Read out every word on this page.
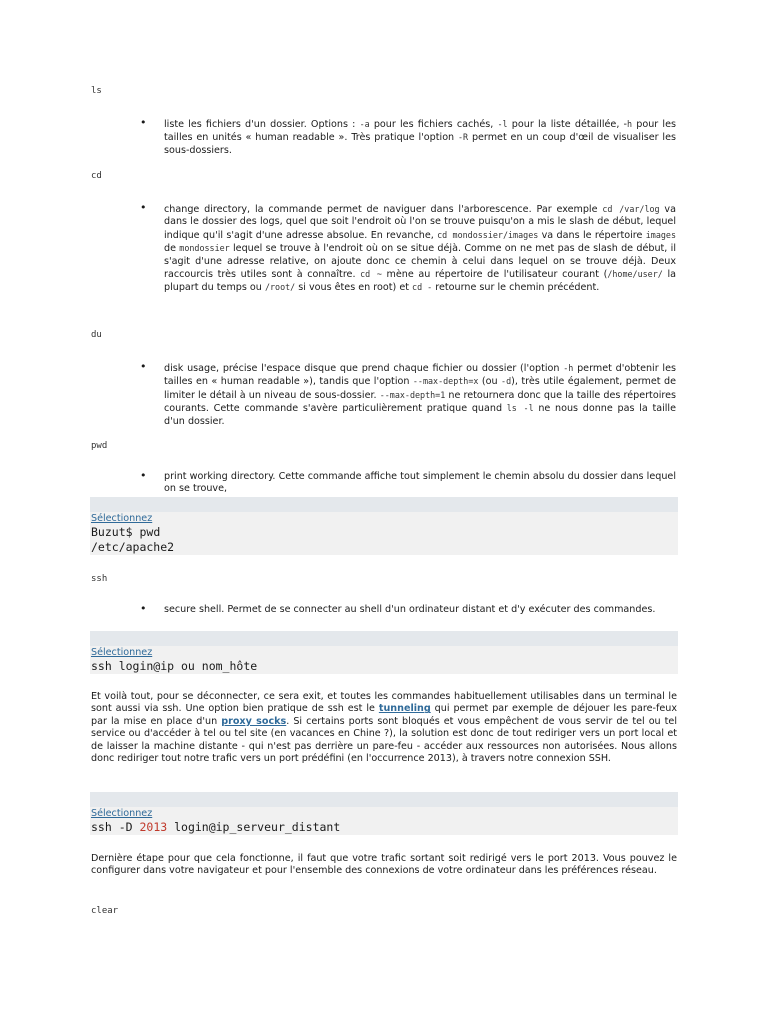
ls
•	liste les fichiers d'un dossier. Options : -a pour les fichiers cachés, -l pour la liste détaillée, -h pour les tailles en unités « human readable ». Très pratique l'option -R permet en un coup d'œil de visualiser les sous-dossiers.

cd
•	change directory, la commande permet de naviguer dans l'arborescence. Par exemple cd /var/log va dans le dossier des logs, quel que soit l'endroit où l'on se trouve puisqu'on a mis le slash de début, lequel indique qu'il s'agit d'une adresse absolue. En revanche, cd mondossier/images va dans le répertoire images de mondossier lequel se trouve à l'endroit où on se situe déjà. Comme on ne met pas de slash de début, il s'agit d'une adresse relative, on ajoute donc ce chemin à celui dans lequel on se trouve déjà. Deux raccourcis très utiles sont à connaître. cd ~ mène au répertoire de l'utilisateur courant (/home/user/ la plupart du temps ou /root/ si vous êtes en root) et cd - retourne sur le chemin précédent.

du
•	disk usage, précise l'espace disque que prend chaque fichier ou dossier (l'option -h permet d'obtenir les tailles en « human readable »), tandis que l'option --max-depth=x (ou -d), très utile également, permet de limiter le détail à un niveau de sous-dossier. --max-depth=1 ne retournera donc que la taille des répertoires courants. Cette commande s'avère particulièrement pratique quand ls -l ne nous donne pas la taille d'un dossier.

pwd
•	print working directory. Cette commande affiche tout simplement le chemin absolu du dossier dans lequel on se trouve,

Sélectionnez
Buzut$ pwd
/etc/apache2
ssh
•	secure shell. Permet de se connecter au shell d'un ordinateur distant et d'y exécuter des commandes.

Sélectionnez
ssh login@ip ou nom_hôte

Et voilà tout, pour se déconnecter, ce sera exit, et toutes les commandes habituellement utilisables dans un terminal le sont aussi via ssh. Une option bien pratique de ssh est le tunneling qui permet par exemple de déjouer les pare-feux par la mise en place d'un proxy socks. Si certains ports sont bloqués et vous empêchent de vous servir de tel ou tel service ou d'accéder à tel ou tel site (en vacances en Chine ?), la solution est donc de tout rediriger vers un port local et de laisser la machine distante - qui n'est pas derrière un pare-feu - accéder aux ressources non autorisées. Nous allons donc rediriger tout notre trafic vers un port prédéfini (en l'occurrence 2013), à travers notre connexion SSH.

Sélectionnez
ssh -D 2013 login@ip_serveur_distant

Dernière étape pour que cela fonctionne, il faut que votre trafic sortant soit redirigé vers le port 2013. Vous pouvez le configurer dans votre navigateur et pour l'ensemble des connexions de votre ordinateur dans les préférences réseau.

clear
